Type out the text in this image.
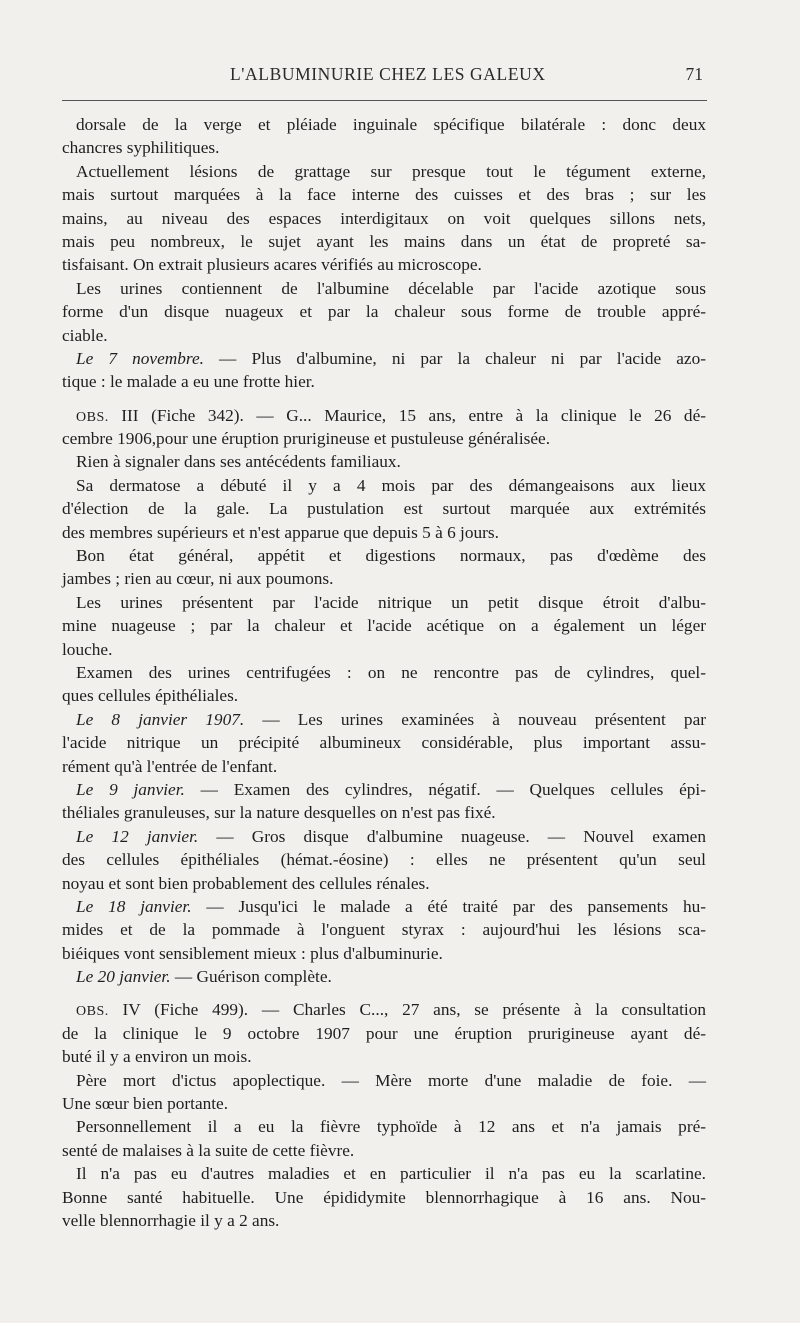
L'ALBUMINURIE CHEZ LES GALEUX	71
dorsale de la verge et pléiade inguinale spécifique bilatérale : donc deux
chancres syphilitiques.
Actuellement lésions de grattage sur presque tout le tégument externe,
mais surtout marquées à la face interne des cuisses et des bras ; sur les
mains, au niveau des espaces interdigitaux on voit quelques sillons nets,
mais peu nombreux, le sujet ayant les mains dans un état de propreté sa-
tisfaisant. On extrait plusieurs acares vérifiés au microscope.
Les urines contiennent de l'albumine décelable par l'acide azotique sous
forme d'un disque nuageux et par la chaleur sous forme de trouble appré-
ciable.
Le 7 novembre. — Plus d'albumine, ni par la chaleur ni par l'acide azo-
tique : le malade a eu une frotte hier.
OBS. III (Fiche 342). — G... Maurice, 15 ans, entre à la clinique le 26 dé-
cembre 1906,pour une éruption prurigineuse et pustuleuse généralisée.
Rien à signaler dans ses antécédents familiaux.
Sa dermatose a débuté il y a 4 mois par des démangeaisons aux lieux
d'élection de la gale. La pustulation est surtout marquée aux extrémités
des membres supérieurs et n'est apparue que depuis 5 à 6 jours.
Bon état général, appétit et digestions normaux, pas d'œdème des
jambes ; rien au cœur, ni aux poumons.
Les urines présentent par l'acide nitrique un petit disque étroit d'albu-
mine nuageuse ; par la chaleur et l'acide acétique on a également un léger
louche.
Examen des urines centrifugées : on ne rencontre pas de cylindres, quel-
ques cellules épithéliales.
Le 8 janvier 1907. — Les urines examinées à nouveau présentent par
l'acide nitrique un précipité albumineux considérable, plus important assu-
rément qu'à l'entrée de l'enfant.
Le 9 janvier. — Examen des cylindres, négatif. — Quelques cellules épi-
théliales granuleuses, sur la nature desquelles on n'est pas fixé.
Le 12 janvier. — Gros disque d'albumine nuageuse. — Nouvel examen
des cellules épithéliales (hémat.-éosine) : elles ne présentent qu'un seul
noyau et sont bien probablement des cellules rénales.
Le 18 janvier. — Jusqu'ici le malade a été traité par des pansements hu-
mides et de la pommade à l'onguent styrax : aujourd'hui les lésions sca-
biéiques vont sensiblement mieux : plus d'albuminurie.
Le 20 janvier. — Guérison complète.
OBS. IV (Fiche 499). — Charles C..., 27 ans, se présente à la consultation
de la clinique le 9 octobre 1907 pour une éruption prurigineuse ayant dé-
buté il y a environ un mois.
Père mort d'ictus apoplectique. — Mère morte d'une maladie de foie. —
Une sœur bien portante.
Personnellement il a eu la fièvre typhoïde à 12 ans et n'a jamais pré-
senté de malaises à la suite de cette fièvre.
Il n'a pas eu d'autres maladies et en particulier il n'a pas eu la scarlatine.
Bonne santé habituelle. Une épididymite blennorrhagique à 16 ans. Nou-
velle blennorrhagie il y a 2 ans.
